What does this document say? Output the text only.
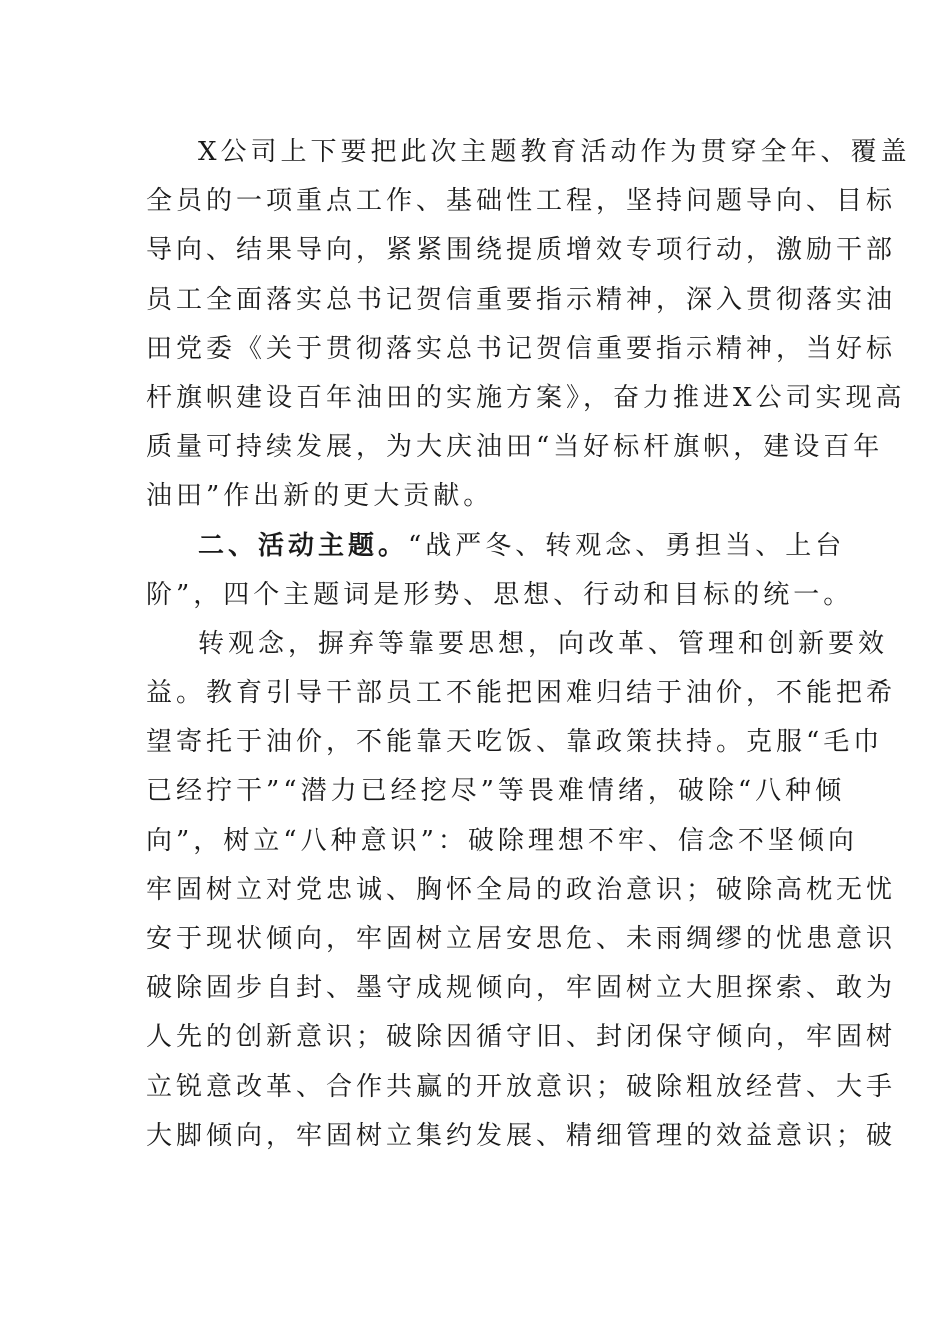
X公司上下要把此次主题教育活动作为贯穿全年、覆盖
全员的一项重点工作、基础性工程，坚持问题导向、目标
导向、结果导向，紧紧围绕提质增效专项行动，激励干部
员工全面落实总书记贺信重要指示精神，深入贯彻落实油
田党委《关于贯彻落实总书记贺信重要指示精神，当好标
杆旗帜建设百年油田的实施方案》，奋力推进X公司实现高
质量可持续发展，为大庆油田“当好标杆旗帜，建设百年
油田”作出新的更大贡献。
二、活动主题。“战严冬、转观念、勇担当、上台
阶”，四个主题词是形势、思想、行动和目标的统一。
转观念，摒弃等靠要思想，向改革、管理和创新要效
益。教育引导干部员工不能把困难归结于油价，不能把希
望寄托于油价，不能靠天吃饭、靠政策扶持。克服“毛巾
已经拧干”“潜力已经挖尽”等畏难情绪，破除“八种倾
向”，树立“八种意识”：破除理想不牢、信念不坚倾向
牢固树立对党忠诚、胸怀全局的政治意识；破除高枕无忧
安于现状倾向，牢固树立居安思危、未雨绸缪的忧患意识
破除固步自封、墨守成规倾向，牢固树立大胆探索、敢为
人先的创新意识；破除因循守旧、封闭保守倾向，牢固树
立锐意改革、合作共赢的开放意识；破除粗放经营、大手
大脚倾向，牢固树立集约发展、精细管理的效益意识；破
